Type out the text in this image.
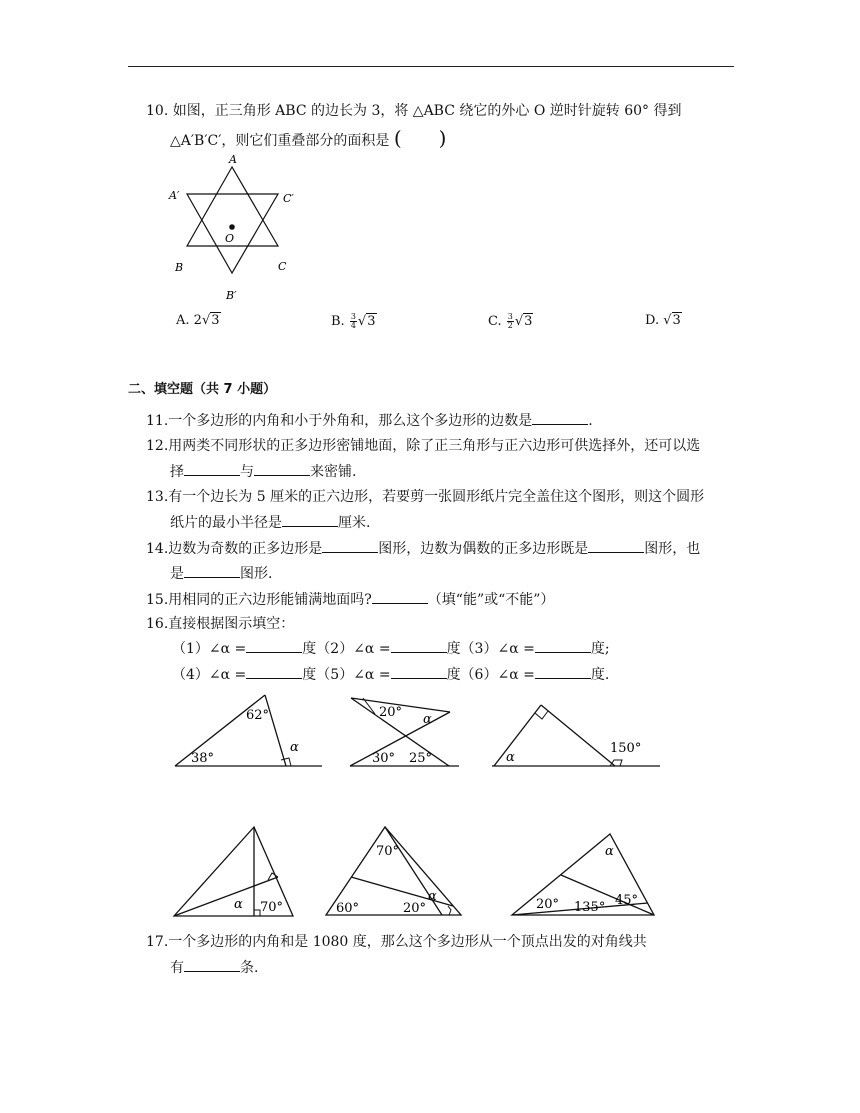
10. 如图，正三角形 ABC 的边长为 3，将 △ABC 绕它的外心 O 逆时针旋转 60° 得到
△A′B′C′，则它们重叠部分的面积是 ( )
A
A′	C′
O
B	C
B′
A. 2√3	B. $\frac{3}{4} √3$	C. $\frac{3}{2} √3$	D. √3
二、填空题（共 7 小题）
11.一个多边形的内角和小于外角和，那么这个多边形的边数是	.
12.用两类不同形状的正多边形密铺地面，除了正三角形与正六边形可供选择外，还可以选
择	与	来密铺.
13.有一个边长为 5 厘米的正六边形，若要剪一张圆形纸片完全盖住这个图形，则这个圆形
纸片的最小半径是	厘米.
14.边数为奇数的正多边形是	图形，边数为偶数的正多边形既是	图形，也
是	图形.
15.用相同的正六边形能铺满地面吗?	（填“能”或“不能”）
16.直接根据图示填空：
（1）∠α =	度（2）∠α =	度（3）∠α =	度;
（4）∠α =	度（5）∠α =	度（6）∠α =	度.
62°
38°
α
20° α
30° 25°	α
150°
α 70°
70°
α
60°	20°
α
20° 135° 45°
17.一个多边形的内角和是 1080 度，那么这个多边形从一个顶点出发的对角线共
有	条.
